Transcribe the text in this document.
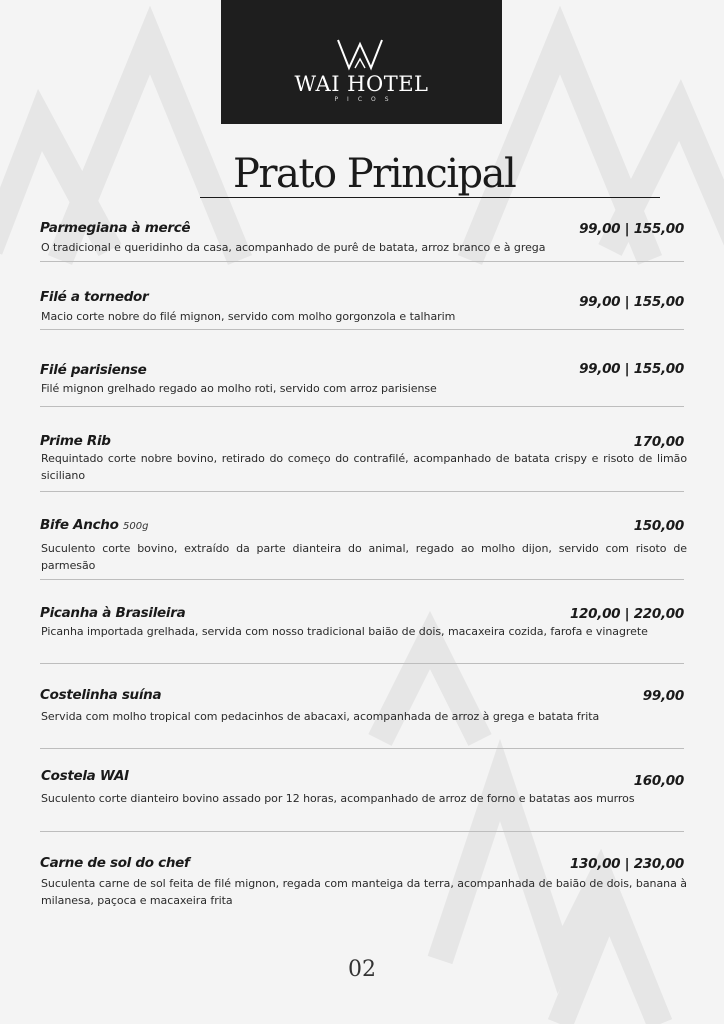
WAI HOTEL
PICOS
Prato Principal
Parmegiana à mercê	99,00 | 155,00

O tradicional e queridinho da casa, acompanhado de purê de batata, arroz branco e à grega

Filé a tornedor	99,00 | 155,00

Macio corte nobre do filé mignon, servido com molho gorgonzola e talharim

Filé parisiense	99,00 | 155,00

Filé mignon grelhado regado ao molho roti, servido com arroz parisiense

Prime Rib	170,00

Requintado corte nobre bovino, retirado do começo do contrafilé, acompanhado de batata crispy e risoto de limão siciliano

Bife Ancho 500g	150,00

Suculento corte bovino, extraído da parte dianteira do animal, regado ao molho dijon, servido com risoto de parmesão

Picanha à Brasileira	120,00 | 220,00

Picanha importada grelhada, servida com nosso tradicional baião de dois, macaxeira cozida, farofa e vinagrete

Costelinha suína	99,00

Servida com molho tropical com pedacinhos de abacaxi, acompanhada de arroz à grega e batata frita

Costela WAI	160,00

Suculento corte dianteiro bovino assado por 12 horas, acompanhado de arroz de forno e batatas aos murros

Carne de sol do chef	130,00 | 230,00

Suculenta carne de sol feita de filé mignon, regada com manteiga da terra, acompanhada de baião de dois, banana à milanesa, paçoca e macaxeira frita

02
